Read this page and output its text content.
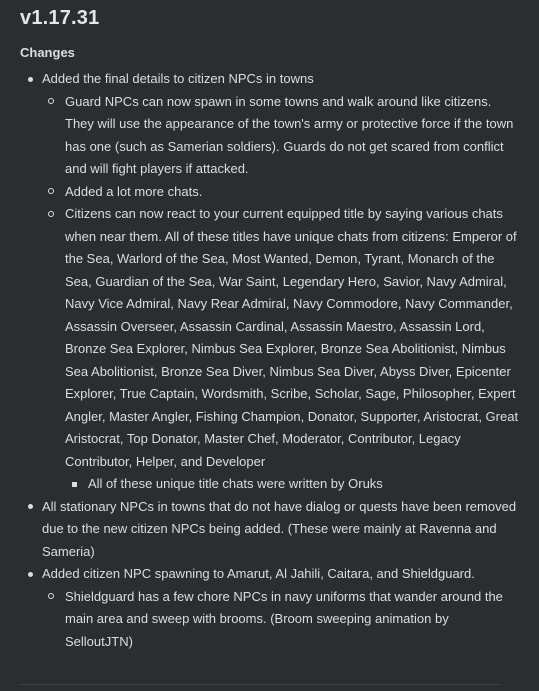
v1.17.31
Changes
Added the final details to citizen NPCs in towns
Guard NPCs can now spawn in some towns and walk around like citizens. They will use the appearance of the town's army or protective force if the town has one (such as Samerian soldiers). Guards do not get scared from conflict and will fight players if attacked.
Added a lot more chats.
Citizens can now react to your current equipped title by saying various chats when near them. All of these titles have unique chats from citizens: Emperor of the Sea, Warlord of the Sea, Most Wanted, Demon, Tyrant, Monarch of the Sea, Guardian of the Sea, War Saint, Legendary Hero, Savior, Navy Admiral, Navy Vice Admiral, Navy Rear Admiral, Navy Commodore, Navy Commander, Assassin Overseer, Assassin Cardinal, Assassin Maestro, Assassin Lord, Bronze Sea Explorer, Nimbus Sea Explorer, Bronze Sea Abolitionist, Nimbus Sea Abolitionist, Bronze Sea Diver, Nimbus Sea Diver, Abyss Diver, Epicenter Explorer, True Captain, Wordsmith, Scribe, Scholar, Sage, Philosopher, Expert Angler, Master Angler, Fishing Champion, Donator, Supporter, Aristocrat, Great Aristocrat, Top Donator, Master Chef, Moderator, Contributor, Legacy Contributor, Helper, and Developer
All of these unique title chats were written by Oruks
All stationary NPCs in towns that do not have dialog or quests have been removed due to the new citizen NPCs being added. (These were mainly at Ravenna and Sameria)
Added citizen NPC spawning to Amarut, Al Jahili, Caitara, and Shieldguard.
Shieldguard has a few chore NPCs in navy uniforms that wander around the main area and sweep with brooms. (Broom sweeping animation by SelloutJTN)
